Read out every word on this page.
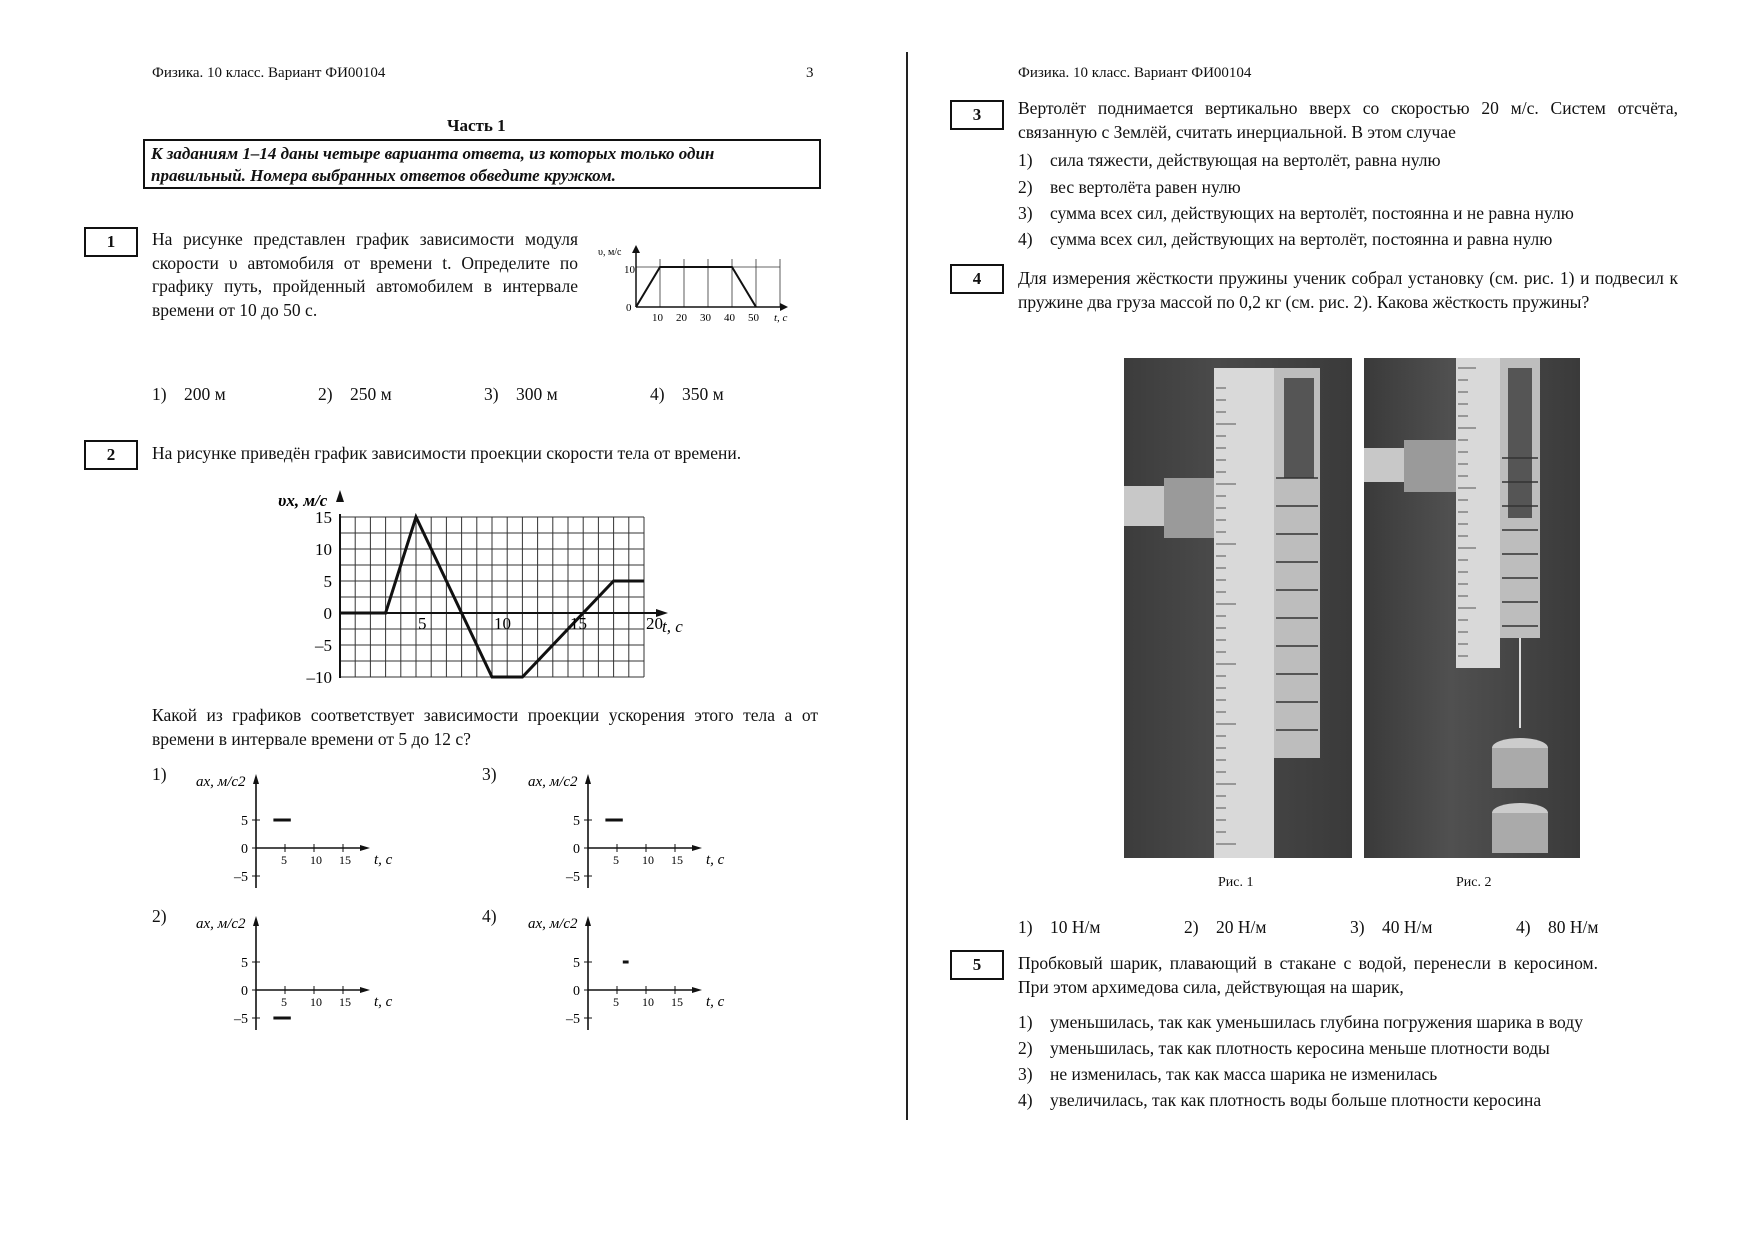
Физика. 10 класс. Вариант ФИ00104	3
Часть 1
К заданиям 1–14 даны четыре варианта ответа, из которых только один
правильный. Номера выбранных ответов обведите кружком.
1	На рисунке представлен график зависимости модуля скорости υ автомобиля от времени t. Определите по графику путь, пройденный автомобилем в интервале времени от 10 до 50 с.
υ, м/с
10
0
10 20 30 40 50 t, с
1) 200 м	2) 250 м	3) 300 м	4) 350 м
2	На рисунке приведён график зависимости проекции скорости тела от времени.
υx, м/с
15
10
5
0
–5
–10
5	10	15	20 t, с
Какой из графиков соответствует зависимости проекции ускорения этого тела a от времени в интервале времени от 5 до 12 с?
1)
2)
3)
4)
5
0
–5
5 10 15
ax, м/с2
t, с
5
0
–5
5 10 15
ax, м/с2
t, с
5
0
–5
5 10 15
ax, м/с2
t, с
5
0
–5
5 10 15
ax, м/с2
t, с
Физика. 10 класс. Вариант ФИ00104
3	Вертолёт поднимается вертикально вверх со скоростью 20 м/с. Систем отсчёта, связанную с Землёй, считать инерциальной. В этом случае
1) сила тяжести, действующая на вертолёт, равна нулю
2) вес вертолёта равен нулю
3) сумма всех сил, действующих на вертолёт, постоянна и не равна нулю
4) сумма всех сил, действующих на вертолёт, постоянна и равна нулю
4	Для измерения жёсткости пружины ученик собрал установку (см. рис. 1) и подвесил к пружине два груза массой по 0,2 кг (см. рис. 2). Какова жёсткость пружины?
Рис. 1	Рис. 2
1) 10 Н/м	2) 20 Н/м	3) 40 Н/м	4) 80 Н/м
5	Пробковый шарик, плавающий в стакане с водой, перенесли в керосином. При этом архимедова сила, действующая на шарик,
1) уменьшилась, так как уменьшилась глубина погружения шарика в воду
2) уменьшилась, так как плотность керосина меньше плотности воды
3) не изменилась, так как масса шарика не изменилась
4) увеличилась, так как плотность воды больше плотности керосина
